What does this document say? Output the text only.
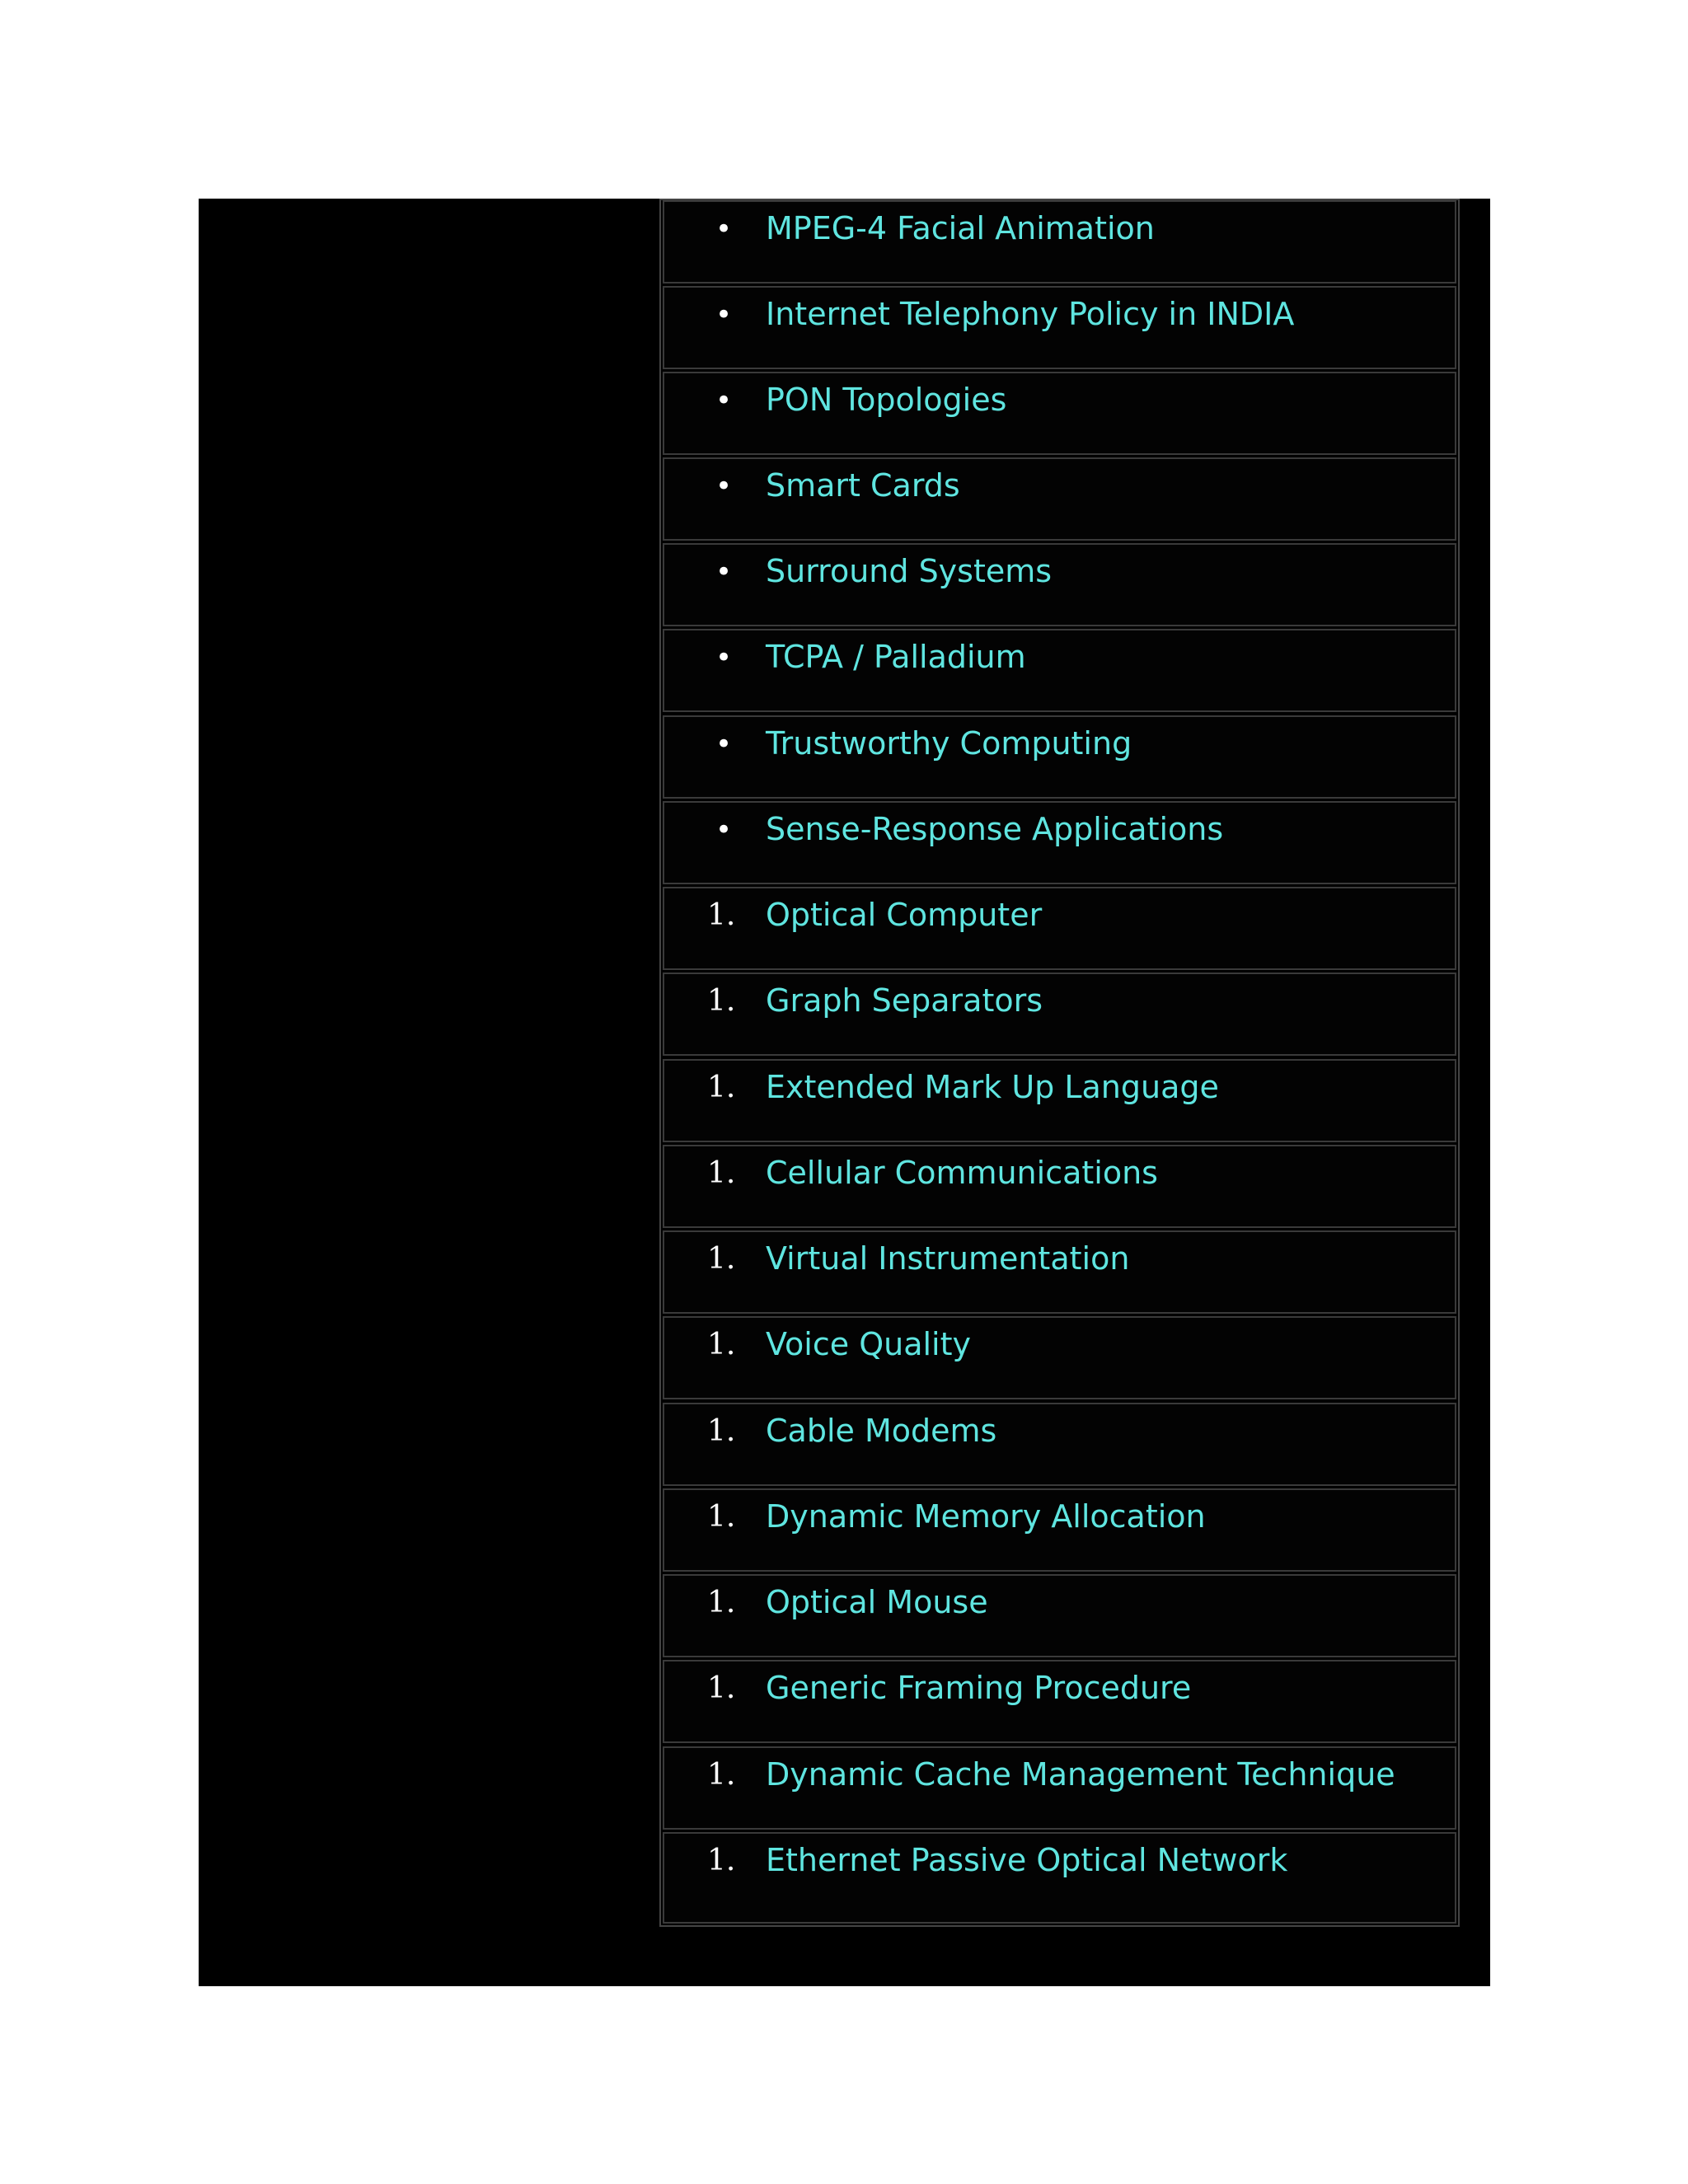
•	MPEG-4 Facial Animation
•	Internet Telephony Policy in INDIA
•	PON Topologies
•	Smart Cards
•	Surround Systems
•	TCPA / Palladium
•	Trustworthy Computing
•	Sense-Response Applications
1. Optical Computer
1. Graph Separators
1. Extended Mark Up Language
1. Cellular Communications
1. Virtual Instrumentation
1. Voice Quality
1. Cable Modems
1. Dynamic Memory Allocation
1. Optical Mouse
1. Generic Framing Procedure
1. Dynamic Cache Management Technique
1. Ethernet Passive Optical Network
